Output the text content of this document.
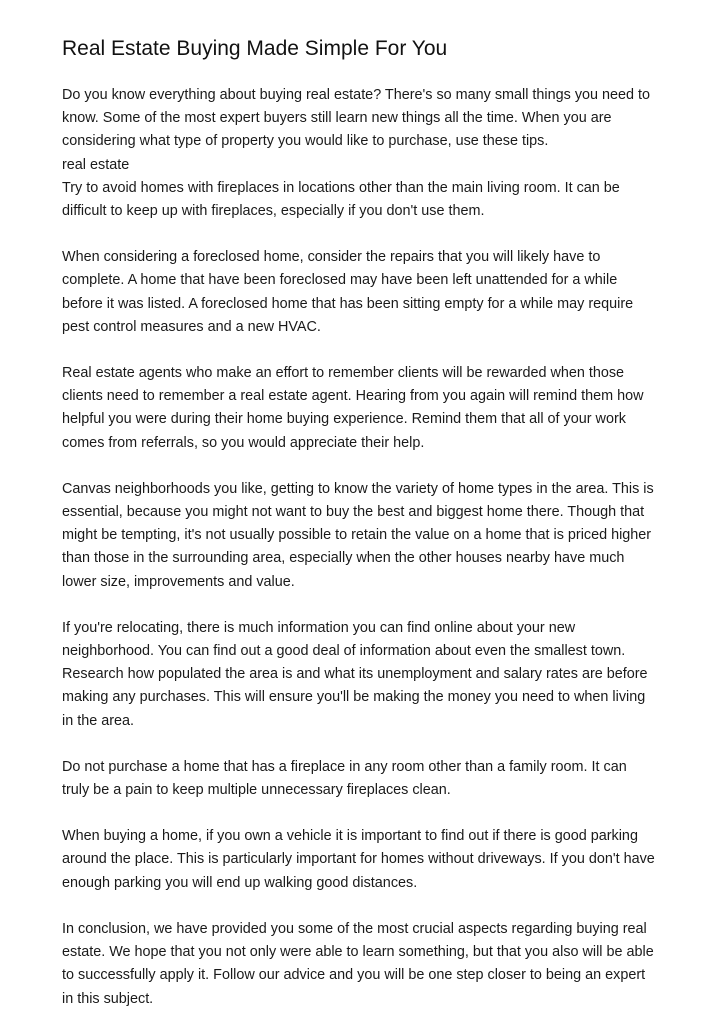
Real Estate Buying Made Simple For You

Do you know everything about buying real estate? There's so many small things you need to
know. Some of the most expert buyers still learn new things all the time. When you are
considering what type of property you would like to purchase, use these tips.
real estate
Try to avoid homes with fireplaces in locations other than the main living room. It can be
difficult to keep up with fireplaces, especially if you don't use them.

When considering a foreclosed home, consider the repairs that you will likely have to
complete. A home that have been foreclosed may have been left unattended for a while
before it was listed. A foreclosed home that has been sitting empty for a while may require
pest control measures and a new HVAC.

Real estate agents who make an effort to remember clients will be rewarded when those
clients need to remember a real estate agent. Hearing from you again will remind them how
helpful you were during their home buying experience. Remind them that all of your work
comes from referrals, so you would appreciate their help.

Canvas neighborhoods you like, getting to know the variety of home types in the area. This is
essential, because you might not want to buy the best and biggest home there. Though that
might be tempting, it's not usually possible to retain the value on a home that is priced higher
than those in the surrounding area, especially when the other houses nearby have much
lower size, improvements and value.

If you're relocating, there is much information you can find online about your new
neighborhood. You can find out a good deal of information about even the smallest town.
Research how populated the area is and what its unemployment and salary rates are before
making any purchases. This will ensure you'll be making the money you need to when living
in the area.

Do not purchase a home that has a fireplace in any room other than a family room. It can
truly be a pain to keep multiple unnecessary fireplaces clean.

When buying a home, if you own a vehicle it is important to find out if there is good parking
around the place. This is particularly important for homes without driveways. If you don't have
enough parking you will end up walking good distances.

In conclusion, we have provided you some of the most crucial aspects regarding buying real
estate. We hope that you not only were able to learn something, but that you also will be able
to successfully apply it. Follow our advice and you will be one step closer to being an expert
in this subject.
